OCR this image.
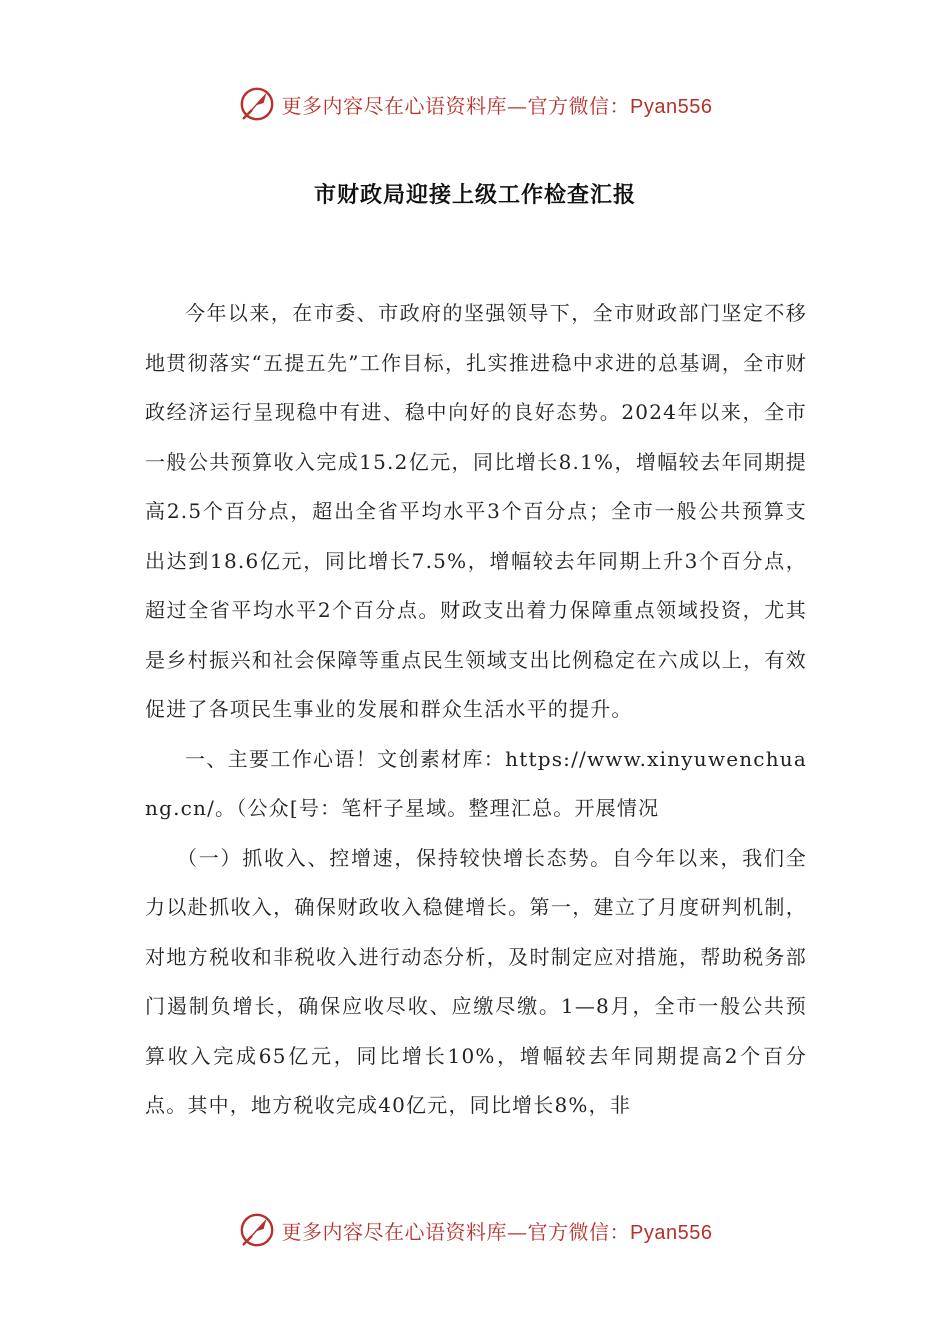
更多内容尽在心语资料库—官方微信：Pyan556
市财政局迎接上级工作检查汇报

今年以来，在市委、市政府的坚强领导下，全市财政部门坚定不移地贯彻落实“五提五先”工作目标，扎实推进稳中求进的总基调，全市财政经济运行呈现稳中有进、稳中向好的良好态势。2024年以来，全市一般公共预算收入完成15.2亿元，同比增长8.1%，增幅较去年同期提高2.5个百分点，超出全省平均水平3个百分点；全市一般公共预算支出达到18.6亿元，同比增长7.5%，增幅较去年同期上升3个百分点，超过全省平均水平2个百分点。财政支出着力保障重点领域投资，尤其是乡村振兴和社会保障等重点民生领域支出比例稳定在六成以上，有效促进了各项民生事业的发展和群众生活水平的提升。

一、主要工作心语！文创素材库：https://www.xinyuwenchuang.cn/。（公众[号：笔杆子星域。整理汇总。开展情况

（一）抓收入、控增速，保持较快增长态势。自今年以来，我们全力以赴抓收入，确保财政收入稳健增长。第一，建立了月度研判机制，对地方税收和非税收入进行动态分析，及时制定应对措施，帮助税务部门遏制负增长，确保应收尽收、应缴尽缴。1—8月，全市一般公共预算收入完成65亿元，同比增长10%，增幅较去年同期提高2个百分点。其中，地方税收完成40亿元，同比增长8%，非

更多内容尽在心语资料库—官方微信：Pyan556
